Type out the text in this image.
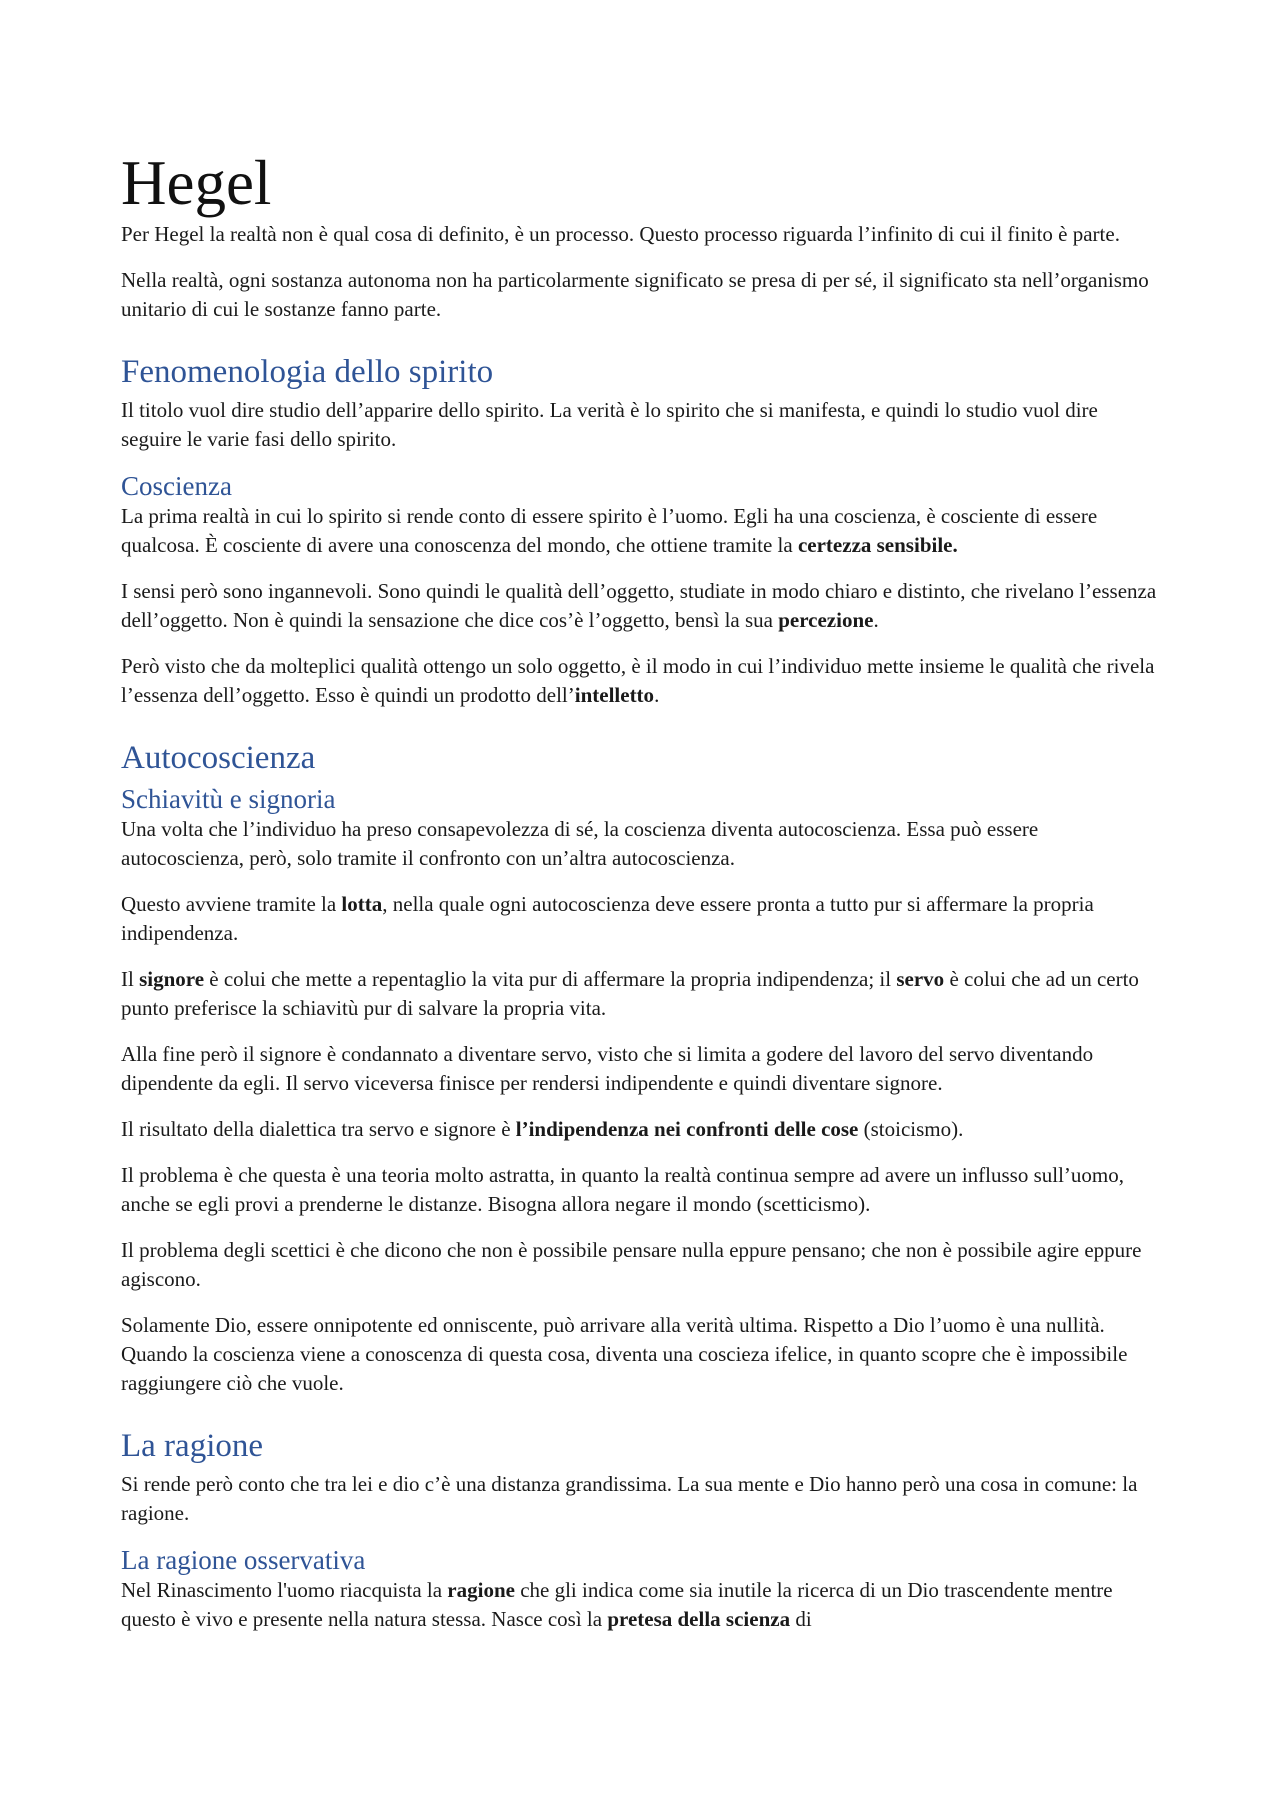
Hegel

Per Hegel la realtà non è qual cosa di definito, è un processo. Questo processo riguarda l’infinito di cui il finito è parte.

Nella realtà, ogni sostanza autonoma non ha particolarmente significato se presa di per sé, il significato sta nell’organismo unitario di cui le sostanze fanno parte.

Fenomenologia dello spirito

Il titolo vuol dire studio dell’apparire dello spirito. La verità è lo spirito che si manifesta, e quindi lo studio vuol dire seguire le varie fasi dello spirito.

Coscienza

La prima realtà in cui lo spirito si rende conto di essere spirito è l’uomo. Egli ha una coscienza, è cosciente di essere qualcosa. È cosciente di avere una conoscenza del mondo, che ottiene tramite la certezza sensibile.

I sensi però sono ingannevoli. Sono quindi le qualità dell’oggetto, studiate in modo chiaro e distinto, che rivelano l’essenza dell’oggetto. Non è quindi la sensazione che dice cos’è l’oggetto, bensì la sua percezione.

Però visto che da molteplici qualità ottengo un solo oggetto, è il modo in cui l’individuo mette insieme le qualità che rivela l’essenza dell’oggetto. Esso è quindi un prodotto dell’intelletto.

Autocoscienza
Schiavitù e signoria

Una volta che l’individuo ha preso consapevolezza di sé, la coscienza diventa autocoscienza. Essa può essere autocoscienza, però, solo tramite il confronto con un’altra autocoscienza.

Questo avviene tramite la lotta, nella quale ogni autocoscienza deve essere pronta a tutto pur si affermare la propria indipendenza.

Il signore è colui che mette a repentaglio la vita pur di affermare la propria indipendenza; il servo è colui che ad un certo punto preferisce la schiavitù pur di salvare la propria vita.

Alla fine però il signore è condannato a diventare servo, visto che si limita a godere del lavoro del servo diventando dipendente da egli. Il servo viceversa finisce per rendersi indipendente e quindi diventare signore.

Il risultato della dialettica tra servo e signore è l’indipendenza nei confronti delle cose (stoicismo).

Il problema è che questa è una teoria molto astratta, in quanto la realtà continua sempre ad avere un influsso sull’uomo, anche se egli provi a prenderne le distanze. Bisogna allora negare il mondo (scetticismo).

Il problema degli scettici è che dicono che non è possibile pensare nulla eppure pensano; che non è possibile agire eppure agiscono.

Solamente Dio, essere onnipotente ed onniscente, può arrivare alla verità ultima. Rispetto a Dio l’uomo è una nullità. Quando la coscienza viene a conoscenza di questa cosa, diventa una coscieza ifelice, in quanto scopre che è impossibile raggiungere ciò che vuole.

La ragione

Si rende però conto che tra lei e dio c’è una distanza grandissima. La sua mente e Dio hanno però una cosa in comune: la ragione.

La ragione osservativa

Nel Rinascimento l'uomo riacquista la ragione che gli indica come sia inutile la ricerca di un Dio trascendente mentre questo è vivo e presente nella natura stessa. Nasce così la pretesa della scienza di
